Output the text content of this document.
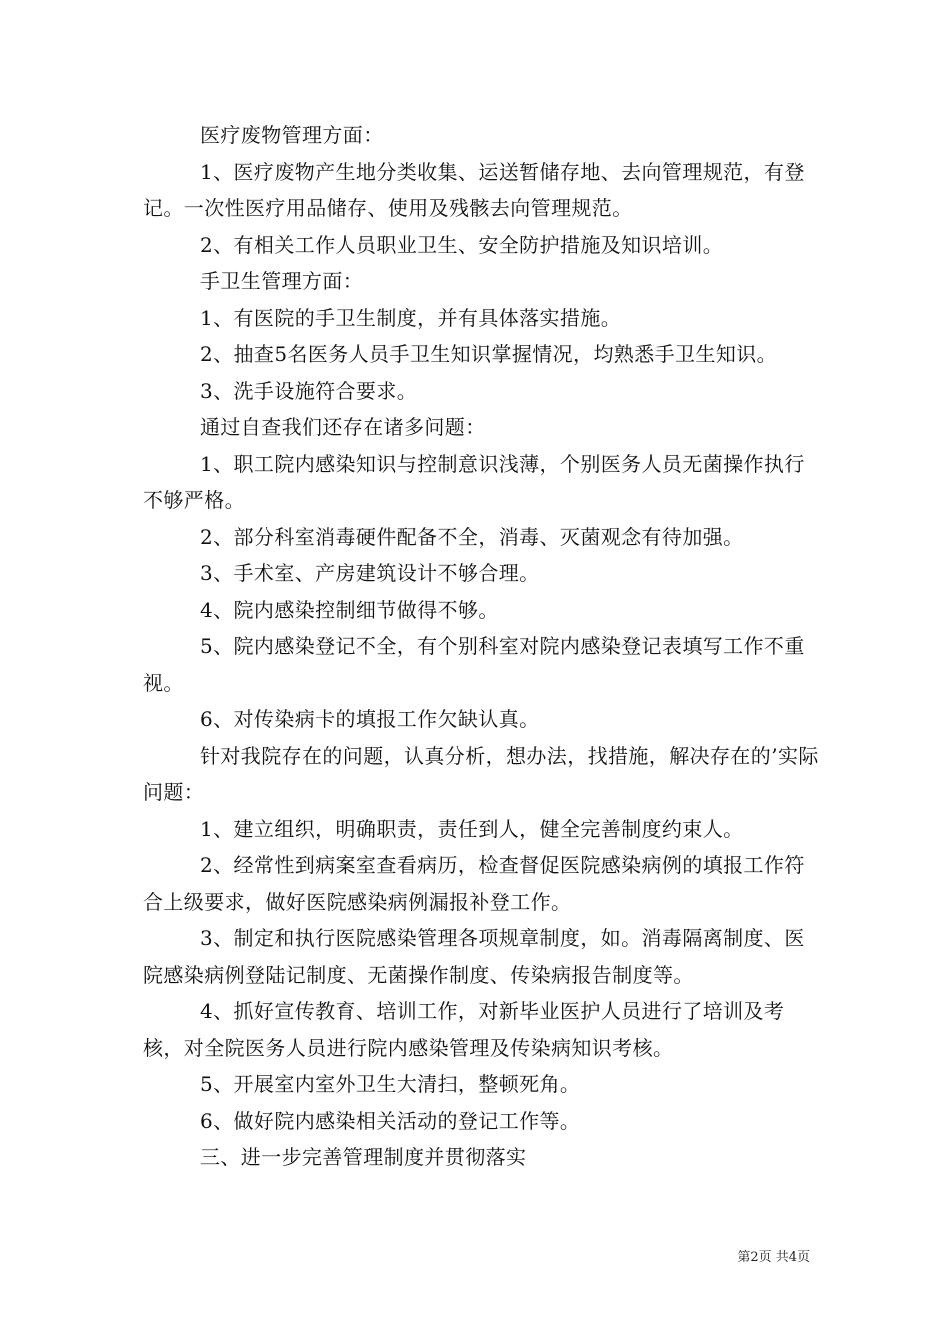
医疗废物管理方面：

1、医疗废物产生地分类收集、运送暂储存地、去向管理规范，有登记。一次性医疗用品储存、使用及残骸去向管理规范。

2、有相关工作人员职业卫生、安全防护措施及知识培训。

手卫生管理方面：

1、有医院的手卫生制度，并有具体落实措施。

2、抽查5名医务人员手卫生知识掌握情况，均熟悉手卫生知识。

3、洗手设施符合要求。

通过自查我们还存在诸多问题：

1、职工院内感染知识与控制意识浅薄，个别医务人员无菌操作执行不够严格。

2、部分科室消毒硬件配备不全，消毒、灭菌观念有待加强。

3、手术室、产房建筑设计不够合理。

4、院内感染控制细节做得不够。

5、院内感染登记不全，有个别科室对院内感染登记表填写工作不重视。

6、对传染病卡的填报工作欠缺认真。

针对我院存在的问题，认真分析，想办法，找措施，解决存在的’实际问题：

1、建立组织，明确职责，责任到人，健全完善制度约束人。

2、经常性到病案室查看病历，检查督促医院感染病例的填报工作符合上级要求，做好医院感染病例漏报补登工作。

3、制定和执行医院感染管理各项规章制度，如。消毒隔离制度、医院感染病例登陆记制度、无菌操作制度、传染病报告制度等。

4、抓好宣传教育、培训工作，对新毕业医护人员进行了培训及考核，对全院医务人员进行院内感染管理及传染病知识考核。

5、开展室内室外卫生大清扫，整顿死角。

6、做好院内感染相关活动的登记工作等。

三、进一步完善管理制度并贯彻落实

第2页 共4页
